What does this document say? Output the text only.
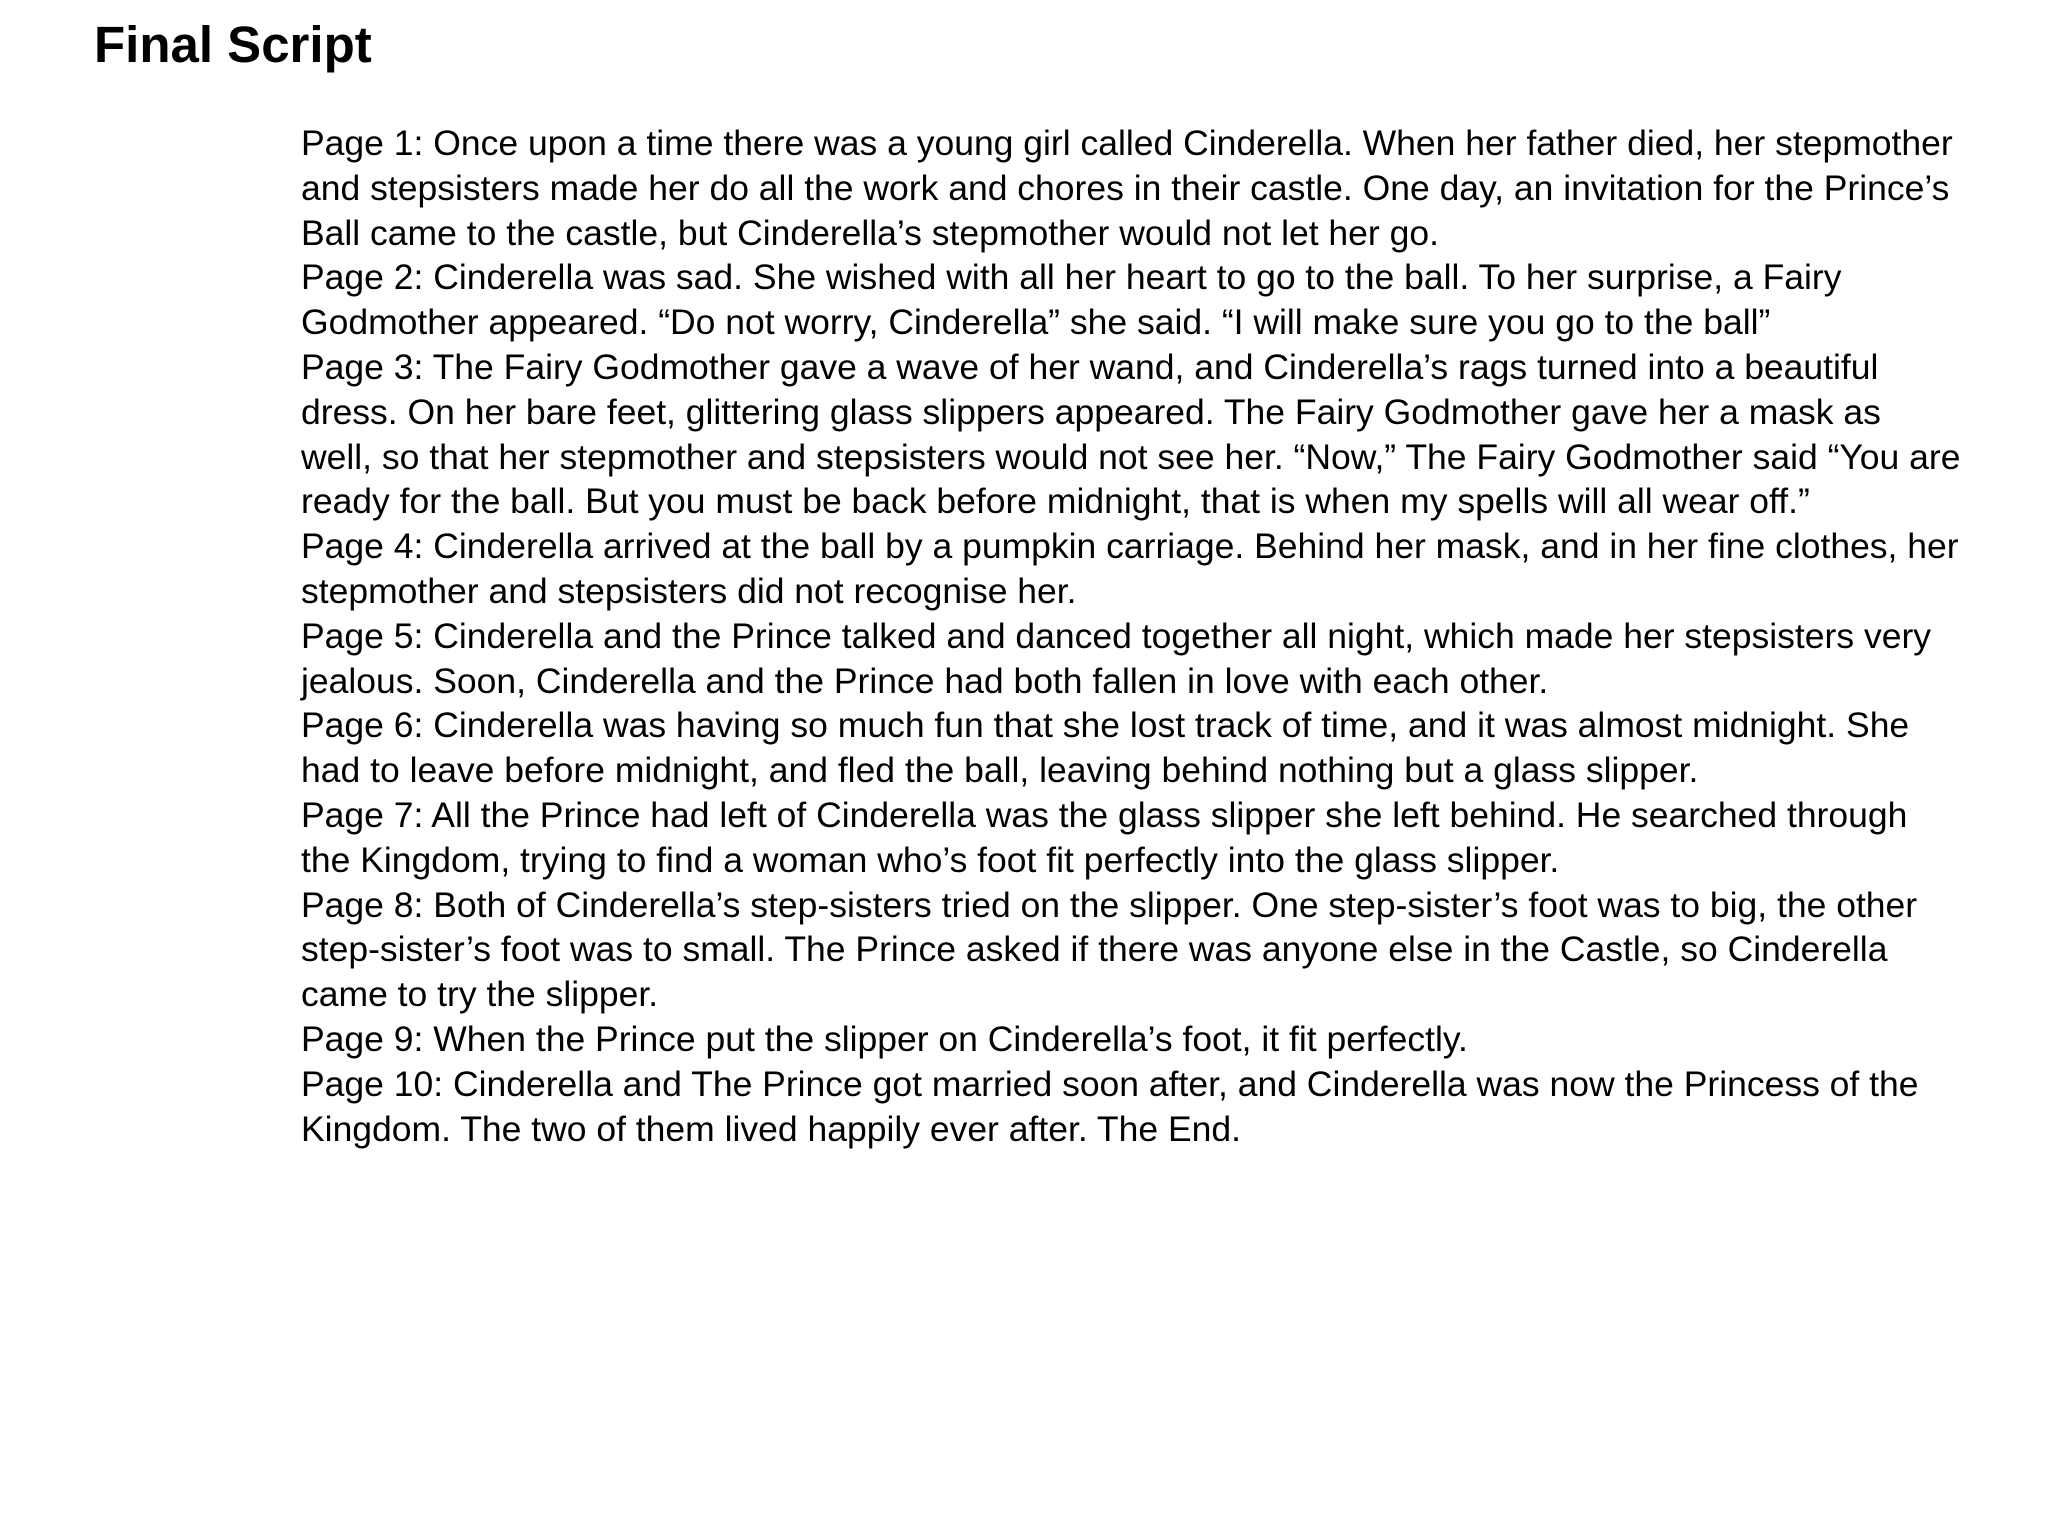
Final Script

Page 1: Once upon a time there was a young girl called Cinderella. When her father died, her stepmother and stepsisters made her do all the work and chores in their castle. One day, an invitation for the Prince’s Ball came to the castle, but Cinderella’s stepmother would not let her go.

Page 2: Cinderella was sad. She wished with all her heart to go to the ball. To her surprise, a Fairy Godmother appeared. “Do not worry, Cinderella” she said. “I will make sure you go to the ball”

Page 3: The Fairy Godmother gave a wave of her wand, and Cinderella’s rags turned into a beautiful dress. On her bare feet, glittering glass slippers appeared. The Fairy Godmother gave her a mask as well, so that her stepmother and stepsisters would not see her. “Now,” The Fairy Godmother said “You are ready for the ball. But you must be back before midnight, that is when my spells will all wear off.”

Page 4: Cinderella arrived at the ball by a pumpkin carriage. Behind her mask, and in her fine clothes, her stepmother and stepsisters did not recognise her.

Page 5: Cinderella and the Prince talked and danced together all night, which made her stepsisters very jealous. Soon, Cinderella and the Prince had both fallen in love with each other.

Page 6: Cinderella was having so much fun that she lost track of time, and it was almost midnight. She had to leave before midnight, and fled the ball, leaving behind nothing but a glass slipper.

Page 7: All the Prince had left of Cinderella was the glass slipper she left behind. He searched through the Kingdom, trying to find a woman who’s foot fit perfectly into the glass slipper.

Page 8: Both of Cinderella’s step-sisters tried on the slipper. One step-sister’s foot was to big, the other step-sister’s foot was to small. The Prince asked if there was anyone else in the Castle, so Cinderella came to try the slipper.

Page 9: When the Prince put the slipper on Cinderella’s foot, it fit perfectly.

Page 10: Cinderella and The Prince got married soon after, and Cinderella was now the Princess of the Kingdom. The two of them lived happily ever after. The End.
